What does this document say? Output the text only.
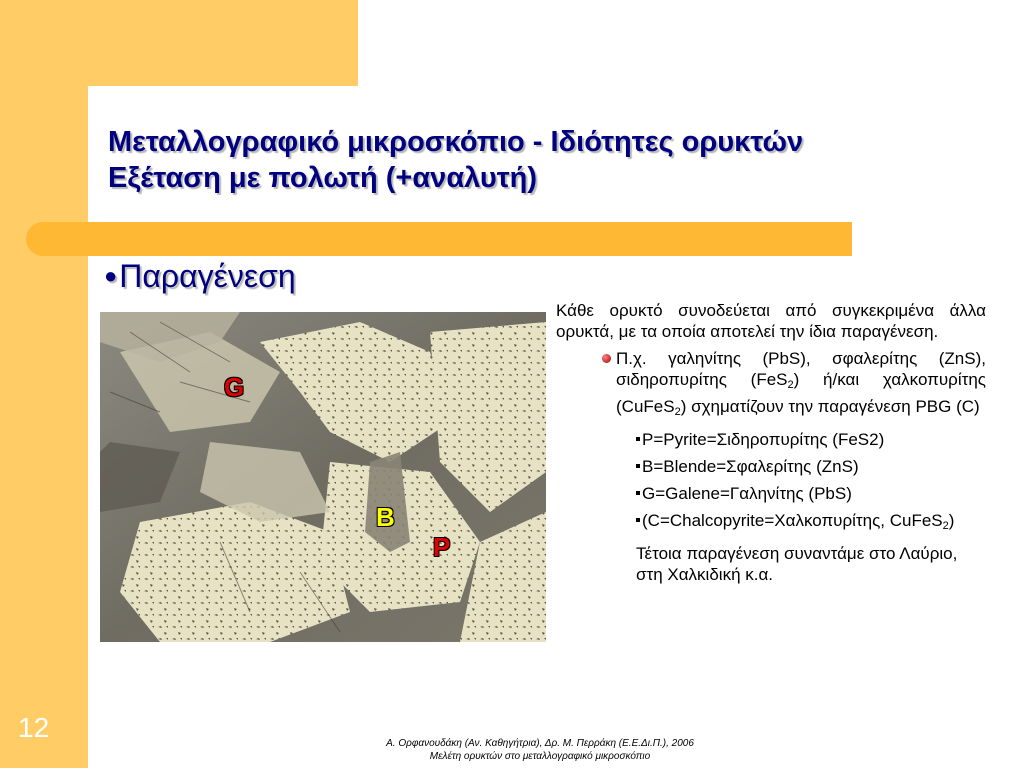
Μεταλλογραφικό μικροσκόπιο - Ιδιότητες ορυκτών
Εξέταση με πολωτή (+αναλυτή)
●Παραγένεση
G
B
P

Κάθε ορυκτό συνοδεύεται από συγκεκριμένα άλλα ορυκτά, με τα οποία αποτελεί την ίδια παραγένεση.

Π.χ. γαληνίτης (PbS), σφαλερίτης (ZnS), σιδηροπυρίτης (FeS$_2$) ή/και χαλκοπυρίτης (CuFeS$_2$) σχηματίζουν την παραγένεση PBG (C)

P=Pyrite=Σιδηροπυρίτης (FeS2)
B=Blende=Σφαλερίτης (ZnS)
G=Galene=Γαληνίτης (PbS)
(C=Chalcopyrite=Χαλκοπυρίτης, CuFeS$_2$)
Τέτοια παραγένεση συναντάμε στο Λαύριο, στη Χαλκιδική κ.α.
12
Α. Ορφανουδάκη (Αν. Καθηγήτρια), Δρ. Μ. Περράκη (Ε.Ε.Δι.Π.), 2006
Μελέτη ορυκτών στο μεταλλογραφικό μικροσκόπιο
